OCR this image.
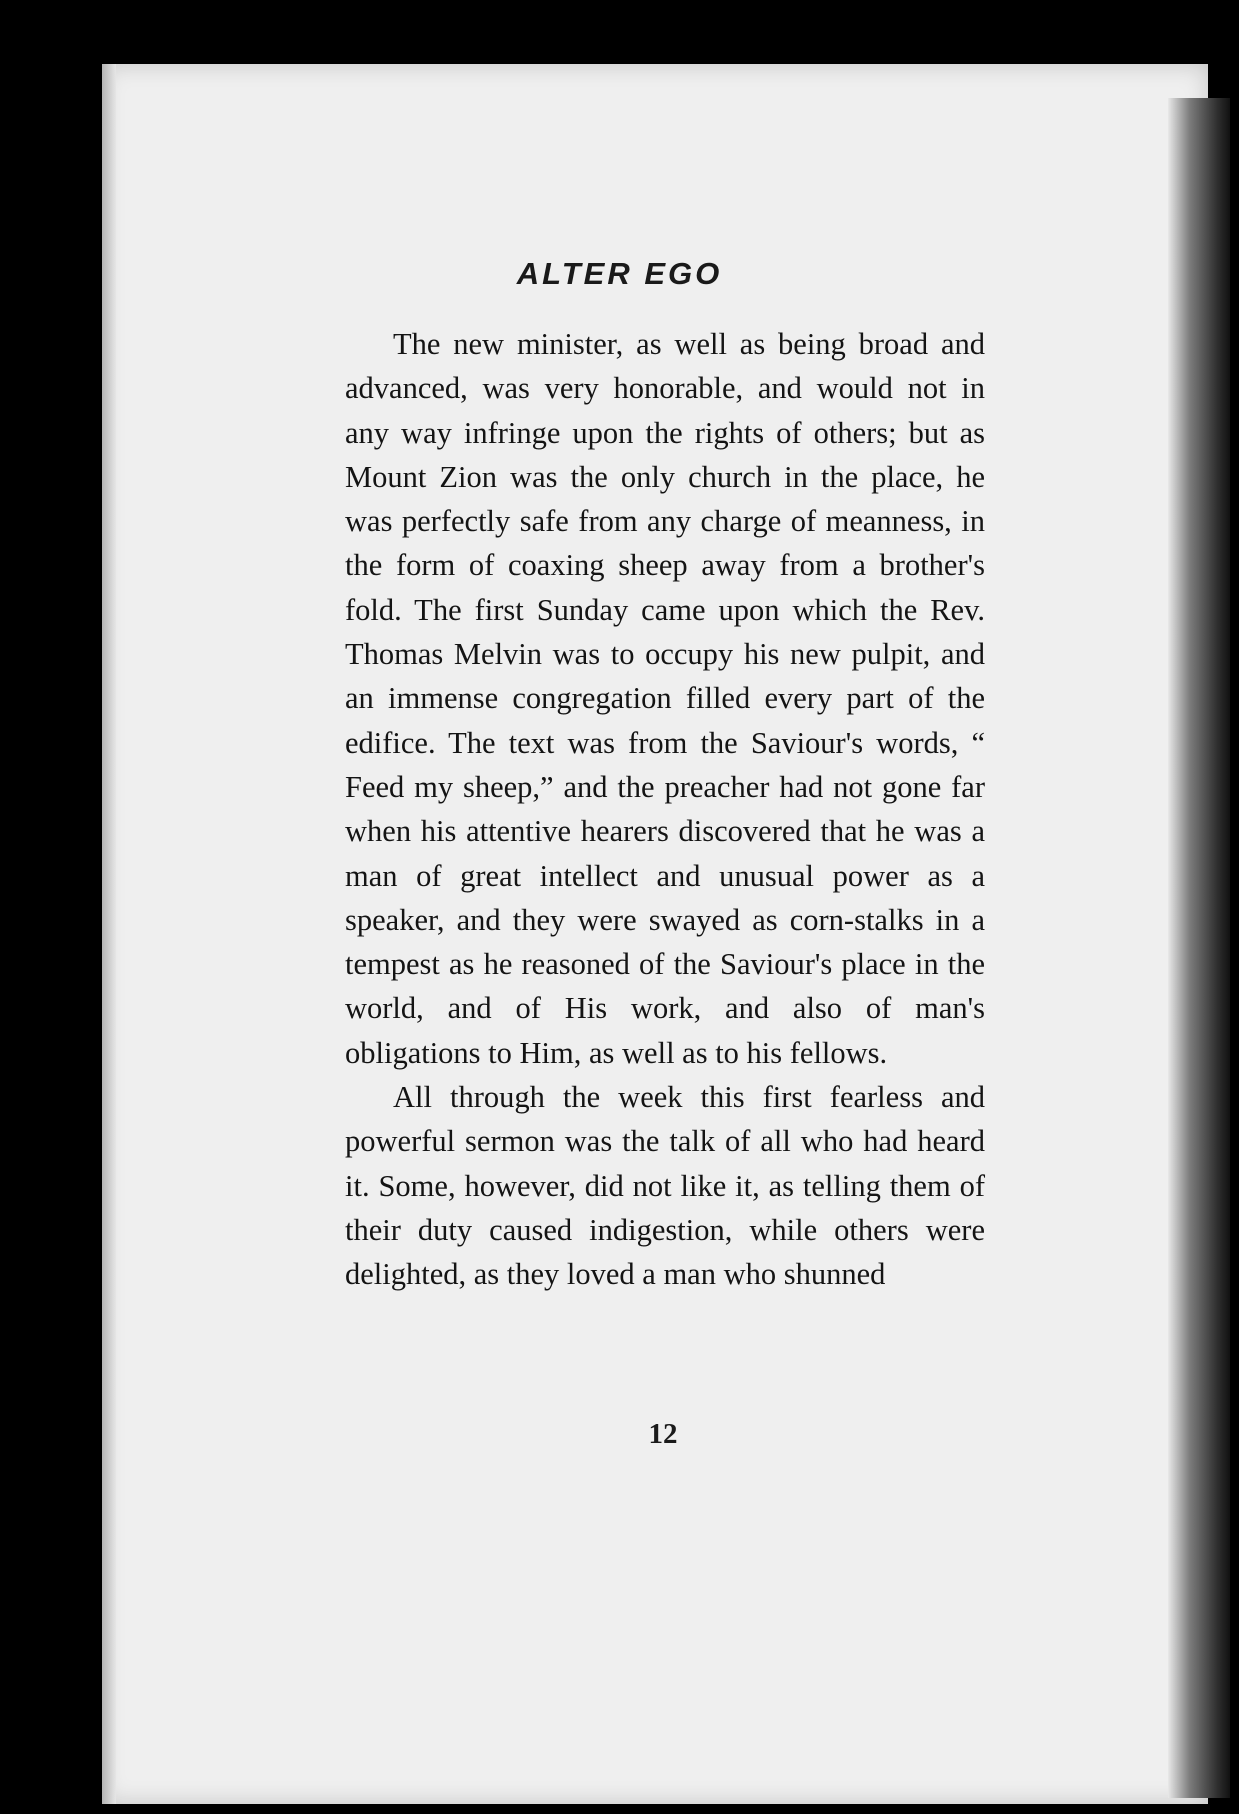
ALTER EGO

The new minister, as well as being broad and advanced, was very honorable, and would not in any way infringe upon the rights of others; but as Mount Zion was the only church in the place, he was perfectly safe from any charge of meanness, in the form of coaxing sheep away from a brother's fold. The first Sunday came upon which the Rev. Thomas Melvin was to occupy his new pulpit, and an immense congregation filled every part of the edifice. The text was from the Saviour's words, “ Feed my sheep,” and the preacher had not gone far when his attentive hearers discovered that he was a man of great intellect and unusual power as a speaker, and they were swayed as corn-stalks in a tempest as he reasoned of the Saviour's place in the world, and of His work, and also of man's obligations to Him, as well as to his fellows.

All through the week this first fearless and powerful sermon was the talk of all who had heard it. Some, however, did not like it, as telling them of their duty caused indigestion, while others were delighted, as they loved a man who shunned

12
